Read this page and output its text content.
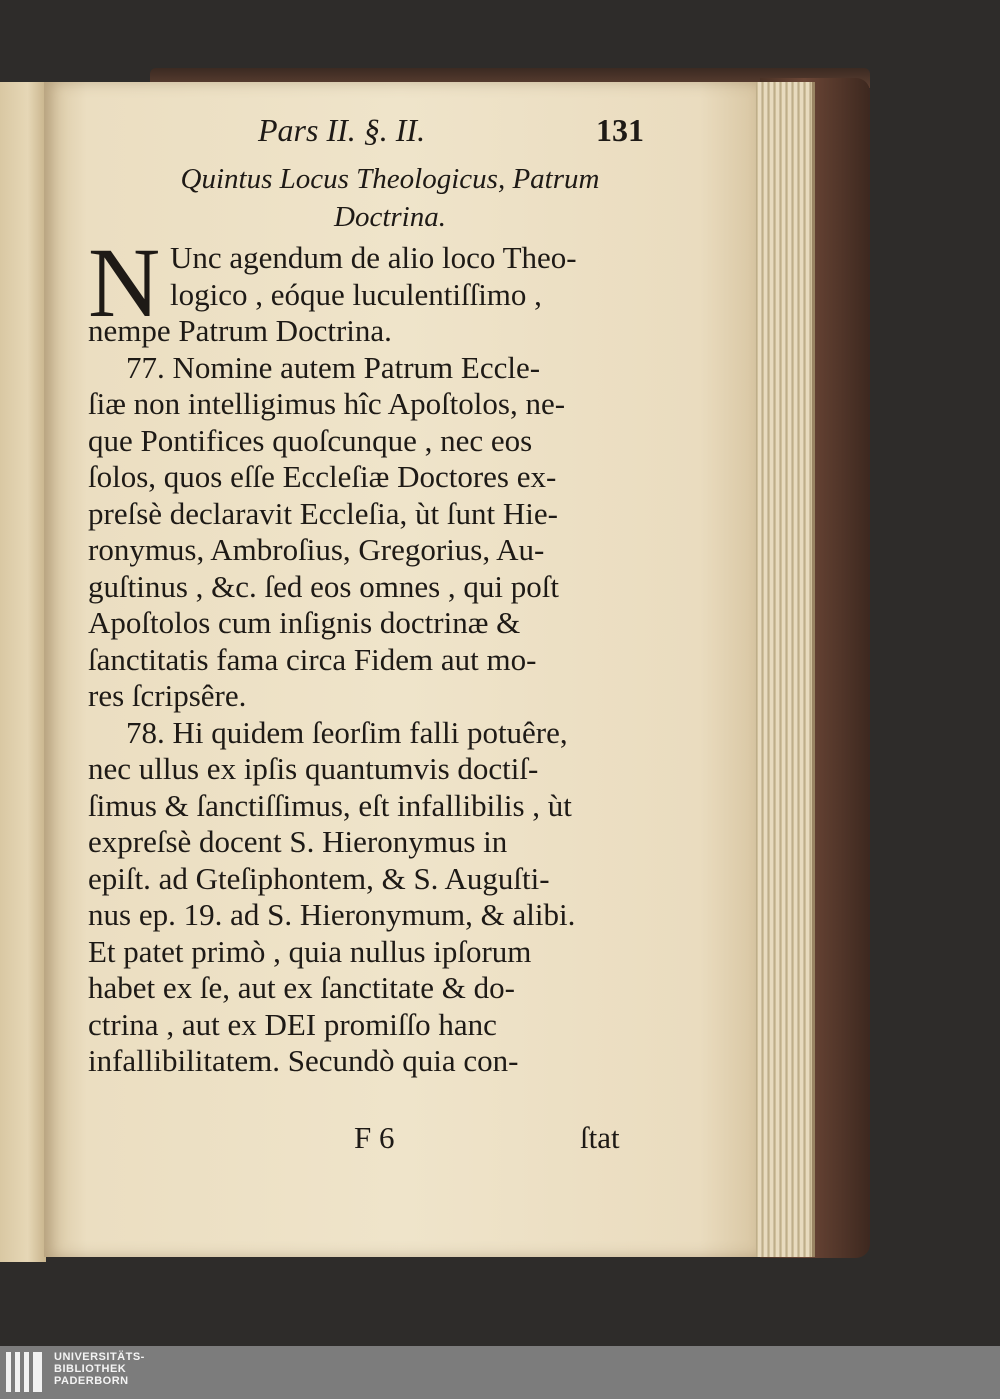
Pars II. §. II.	131
Quintus Locus Theologicus, Patrum
Doctrina.
N Unc agendum de alio loco Theo-
logico , eóque luculentiſſimo ,
nempe Patrum Doctrina.
77. Nomine autem Patrum Eccle-
ſiæ non intelligimus hîc Apoſtolos, ne-
que Pontifices quoſcunque , nec eos
ſolos, quos eſſe Eccleſiæ Doctores ex-
preſsè declaravit Eccleſia, ùt ſunt Hie-
ronymus, Ambroſius, Gregorius, Au-
guſtinus , &c. ſed eos omnes , qui poſt
Apoſtolos cum inſignis doctrinæ &
ſanctitatis fama circa Fidem aut mo-
res ſcripsêre.
78. Hi quidem ſeorſim falli potuêre,
nec ullus ex ipſis quantumvis doctiſ-
ſimus & ſanctiſſimus, eſt infallibilis , ùt
expreſsè docent S. Hieronymus in
epiſt. ad Gteſiphontem, & S. Auguſti-
nus ep. 19. ad S. Hieronymum, & alibi.
Et patet primò , quia nullus ipſorum
habet ex ſe, aut ex ſanctitate & do-
ctrina , aut ex DEI promiſſo hanc
infallibilitatem. Secundò quia con-
F 6	ſtat
UNIVERSITÄTS-
BIBLIOTHEK
PADERBORN
